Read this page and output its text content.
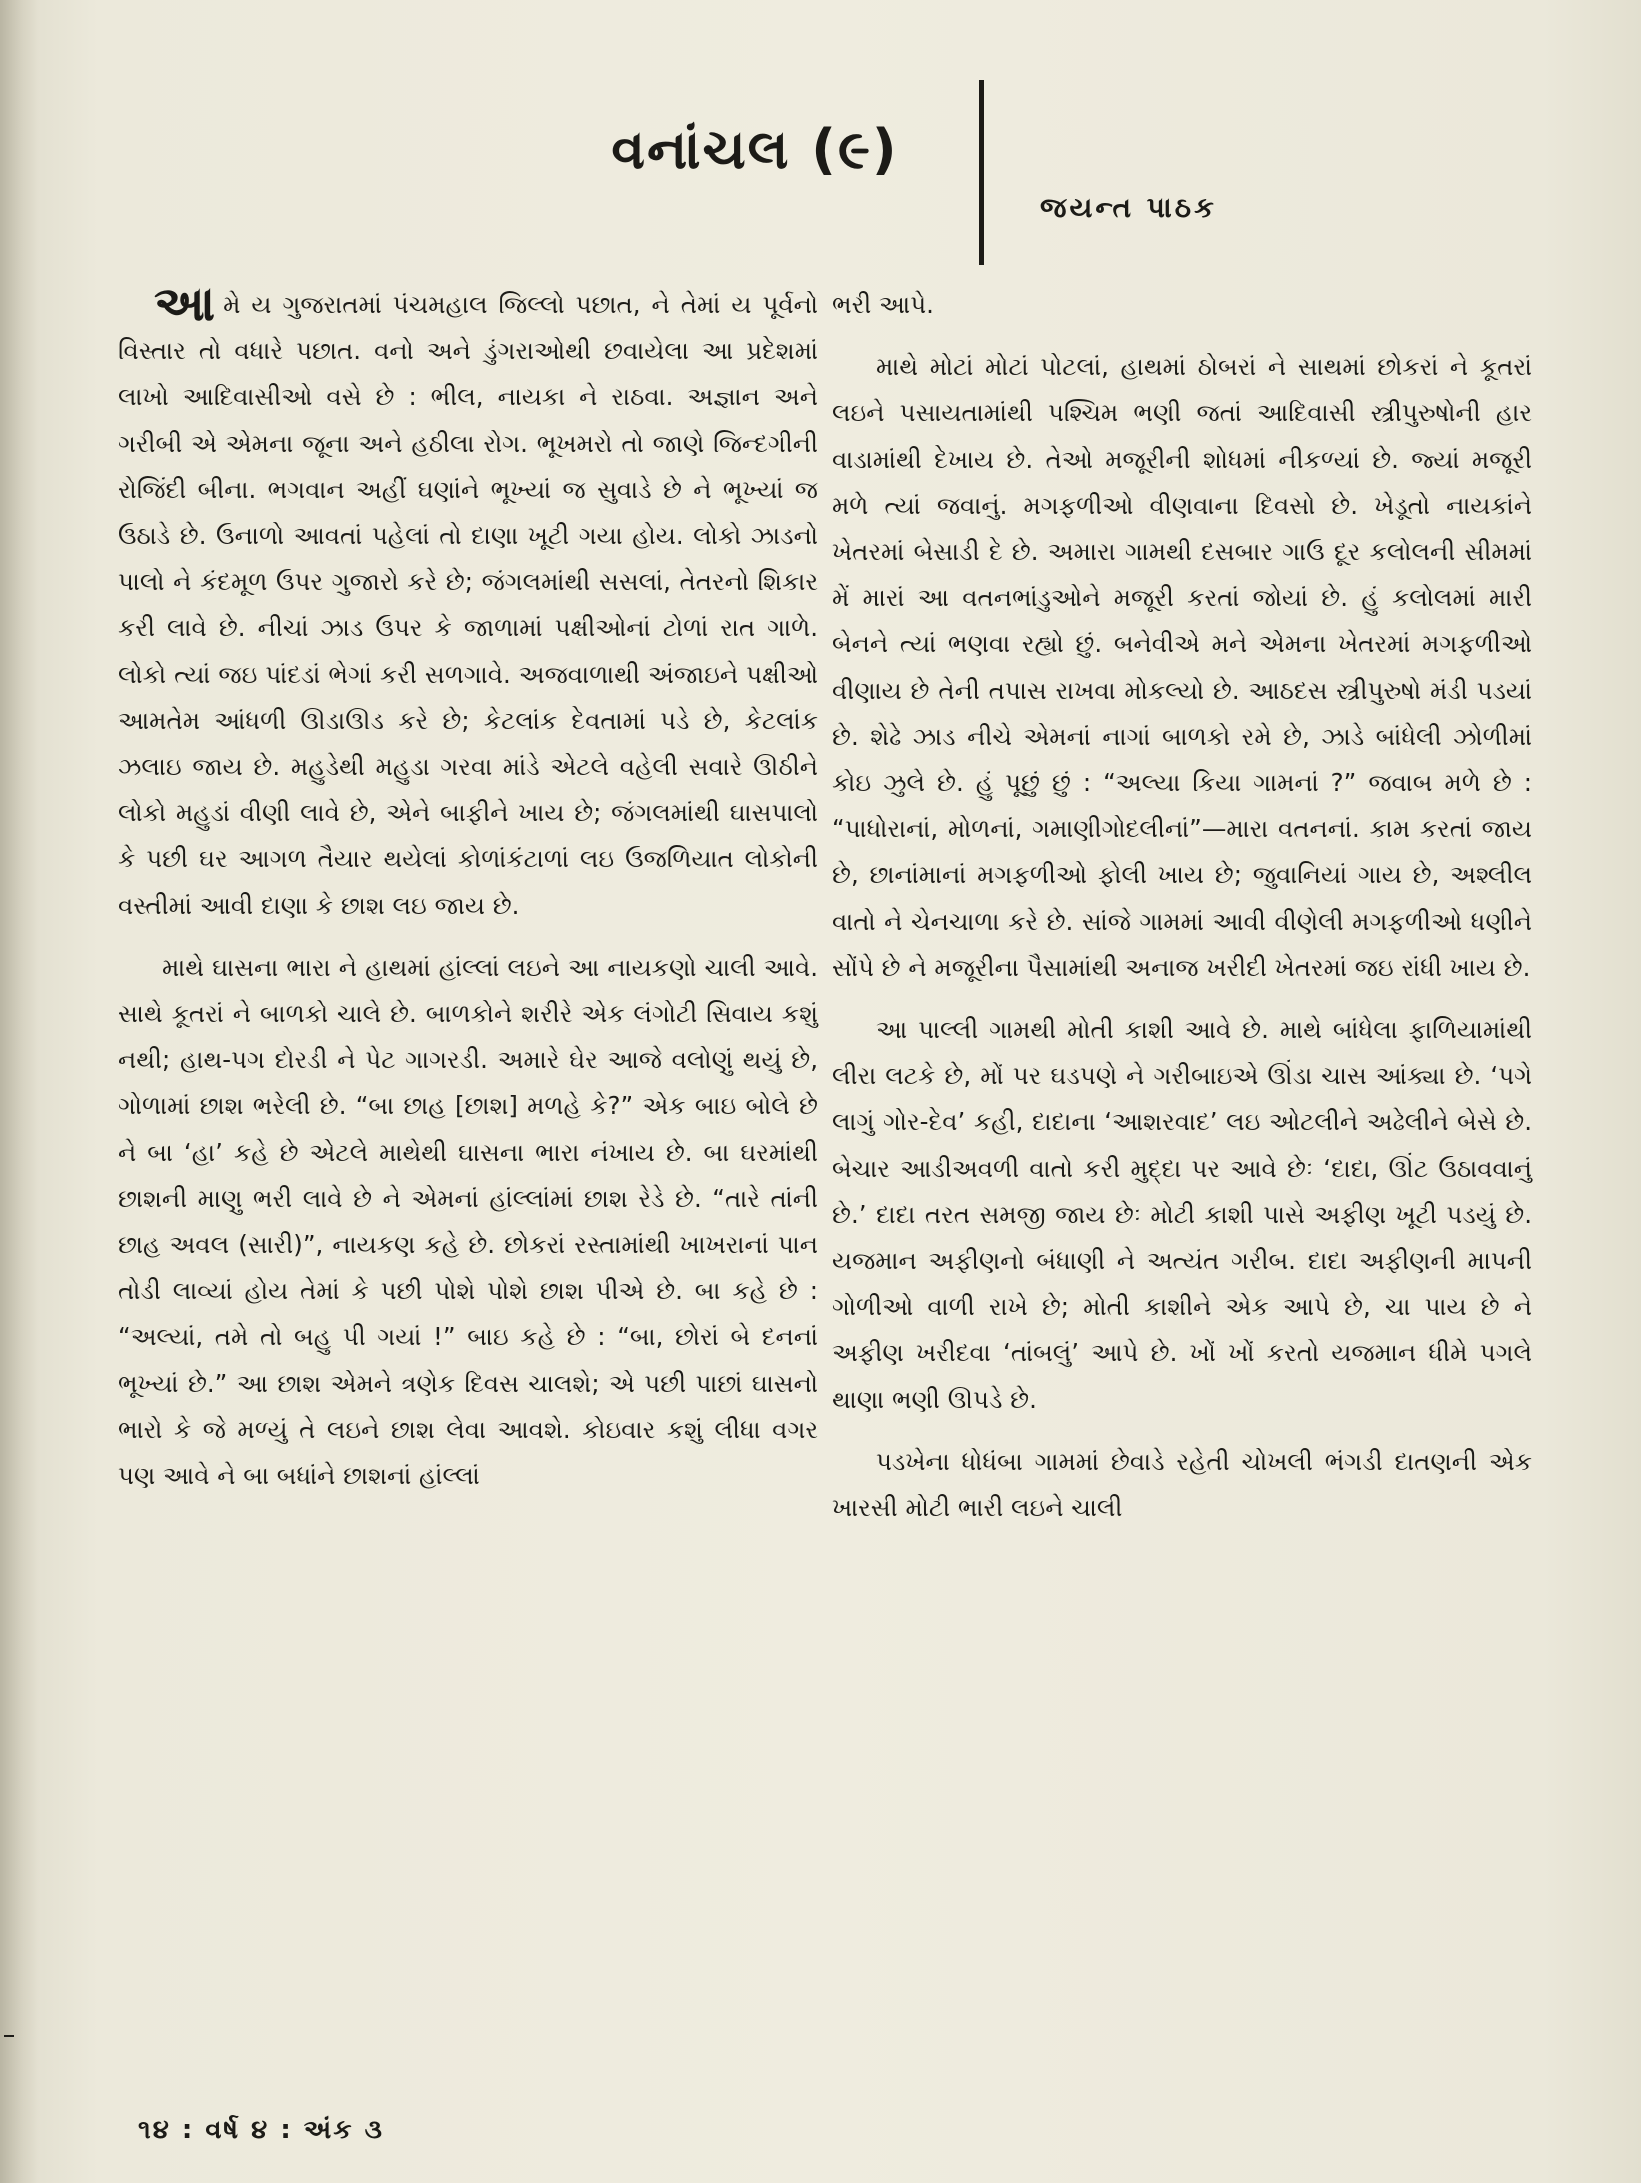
વનાંચલ (૯)
જયન્ત પાઠક

આમે ય ગુજરાતમાં પંચમહાલ જિલ્લો પછાત, ને તેમાં ય પૂર્વનો વિસ્તાર તો વધારે પછાત. વનો અને ડુંગરાઓથી છવાયેલા આ પ્રદેશમાં લાખો આદિવાસીઓ વસે છે : ભીલ, નાયકા ને રાઠવા. અજ્ઞાન અને ગરીબી એ એમના જૂના અને હઠીલા રોગ. ભૂખમરો તો જાણે જિન્દગીની રોજિંદી બીના. ભગવાન અહીં ઘણાંને ભૂખ્યાં જ સુવાડે છે ને ભૂખ્યાં જ ઉઠાડે છે. ઉનાળો આવતાં પહેલાં તો દાણા ખૂટી ગયા હોય. લોકો ઝાડનો પાલો ને કંદમૂળ ઉપર ગુજારો કરે છે; જંગલમાંથી સસલાં, તેતરનો શિકાર કરી લાવે છે. નીચાં ઝાડ ઉપર કે જાળામાં પક્ષીઓનાં ટોળાં રાત ગાળે. લોકો ત્યાં જઇ પાંદડાં ભેગાં કરી સળગાવે. અજવાળાથી અંજાઇને પક્ષીઓ આમતેમ આંધળી ઊડાઊડ કરે છે; કેટલાંક દેવતામાં પડે છે, કેટલાંક ઝલાઇ જાય છે. મહુડેથી મહુડા ગરવા માંડે એટલે વહેલી સવારે ઊઠીને લોકો મહુડાં વીણી લાવે છે, એને બાફીને ખાય છે; જંગલમાંથી ઘાસપાલો કે પછી ઘર આગળ તૈયાર થયેલાં કોળાંકંટાળાં લઇ ઉજળિયાત લોકોની વસ્તીમાં આવી દાણા કે છાશ લઇ જાય છે.

માથે ઘાસના ભારા ને હાથમાં હાંલ્લાં લઇને આ નાયકણો ચાલી આવે. સાથે કૂતરાં ને બાળકો ચાલે છે. બાળકોને શરીરે એક લંગોટી સિવાય કશું નથી; હાથ-પગ દોરડી ને પેટ ગાગરડી. અમારે ઘેર આજે વલોણું થયું છે, ગોળામાં છાશ ભરેલી છે. “બા છાહ [છાશ] મળહે કે?” એક બાઇ બોલે છે ને બા ‘હા’ કહે છે એટલે માથેથી ઘાસના ભારા નંખાય છે. બા ઘરમાંથી છાશની માણુ ભરી લાવે છે ને એમનાં હાંલ્લાંમાં છાશ રેડે છે. “તારે તાંની છાહ અવલ (સારી)”, નાયકણ કહે છે. છોકરાં રસ્તામાંથી ખાખરાનાં પાન તોડી લાવ્યાં હોય તેમાં કે પછી પોશે પોશે છાશ પીએ છે. બા કહે છે : “અલ્યાં, તમે તો બહુ પી ગયાં !” બાઇ કહે છે : “બા, છોરાં બે દનનાં ભૂખ્યાં છે.” આ છાશ એમને ત્રણેક દિવસ ચાલશે; એ પછી પાછાં ઘાસનો ભારો કે જે મળ્યું તે લઇને છાશ લેવા આવશે. કોઇવાર કશું લીધા વગર પણ આવે ને બા બધાંને છાશનાં હાંલ્લાં

ભરી આપે.

માથે મોટાં મોટાં પોટલાં, હાથમાં ઠોબરાં ને સાથમાં છોકરાં ને કૂતરાં લઇને પસાયતામાંથી પશ્ચિમ ભણી જતાં આદિવાસી સ્ત્રીપુરુષોની હાર વાડામાંથી દેખાય છે. તેઓ મજૂરીની શોધમાં નીકળ્યાં છે. જ્યાં મજૂરી મળે ત્યાં જવાનું. મગફળીઓ વીણવાના દિવસો છે. ખેડૂતો નાયકાંને ખેતરમાં બેસાડી દે છે. અમારા ગામથી દસબાર ગાઉ દૂર કલોલની સીમમાં મેં મારાં આ વતનભાંડુઓને મજૂરી કરતાં જોયાં છે. હું કલોલમાં મારી બેનને ત્યાં ભણવા રહ્યો છું. બનેવીએ મને એમના ખેતરમાં મગફળીઓ વીણાય છે તેની તપાસ રાખવા મોકલ્યો છે. આઠદસ સ્ત્રીપુરુષો મંડી પડયાં છે. શેઢે ઝાડ નીચે એમનાં નાગાં બાળકો રમે છે, ઝાડે બાંધેલી ઝોળીમાં કોઇ ઝુલે છે. હું પૂછું છું : “અલ્યા કિયા ગામનાં ?” જવાબ મળે છે : “પાધોરાનાં, મોળનાં, ગમાણીગોદલીનાં”—મારા વતનનાં. કામ કરતાં જાય છે, છાનાંમાનાં મગફળીઓ ફોલી ખાય છે; જુવાનિયાં ગાય છે, અશ્લીલ વાતો ને ચેનચાળા કરે છે. સાંજે ગામમાં આવી વીણેલી મગફળીઓ ધણીને સોંપે છે ને મજૂરીના પૈસામાંથી અનાજ ખરીદી ખેતરમાં જઇ રાંધી ખાય છે.

આ પાલ્લી ગામથી મોતી કાશી આવે છે. માથે બાંધેલા ફાળિયામાંથી લીરા લટકે છે, મોં પર ઘડપણે ને ગરીબાઇએ ઊંડા ચાસ આંક્યા છે. ‘પગે લાગું ગોર-દેવ’ કહી, દાદાના ‘આશરવાદ’ લઇ ઓટલીને અઢેલીને બેસે છે. બેચાર આડીઅવળી વાતો કરી મુદ્દા પર આવે છેઃ ‘દાદા, ઊંટ ઉઠાવવાનું છે.’ દાદા તરત સમજી જાય છેઃ મોટી કાશી પાસે અફીણ ખૂટી પડયું છે. યજમાન અફીણનો બંધાણી ને અત્યંત ગરીબ. દાદા અફીણની માપની ગોળીઓ વાળી રાખે છે; મોતી કાશીને એક આપે છે, ચા પાય છે ને અફીણ ખરીદવા ‘તાંબલું’ આપે છે. ખોં ખોં કરતો યજમાન ધીમે પગલે થાણા ભણી ઊપડે છે.

પડખેના ધોધંબા ગામમાં છેવાડે રહેતી ચોખલી ભંગડી દાતણની એક ખારસી મોટી ભારી લઇને ચાલી

૧૪ : વર્ષ ૪ : અંક ૩
